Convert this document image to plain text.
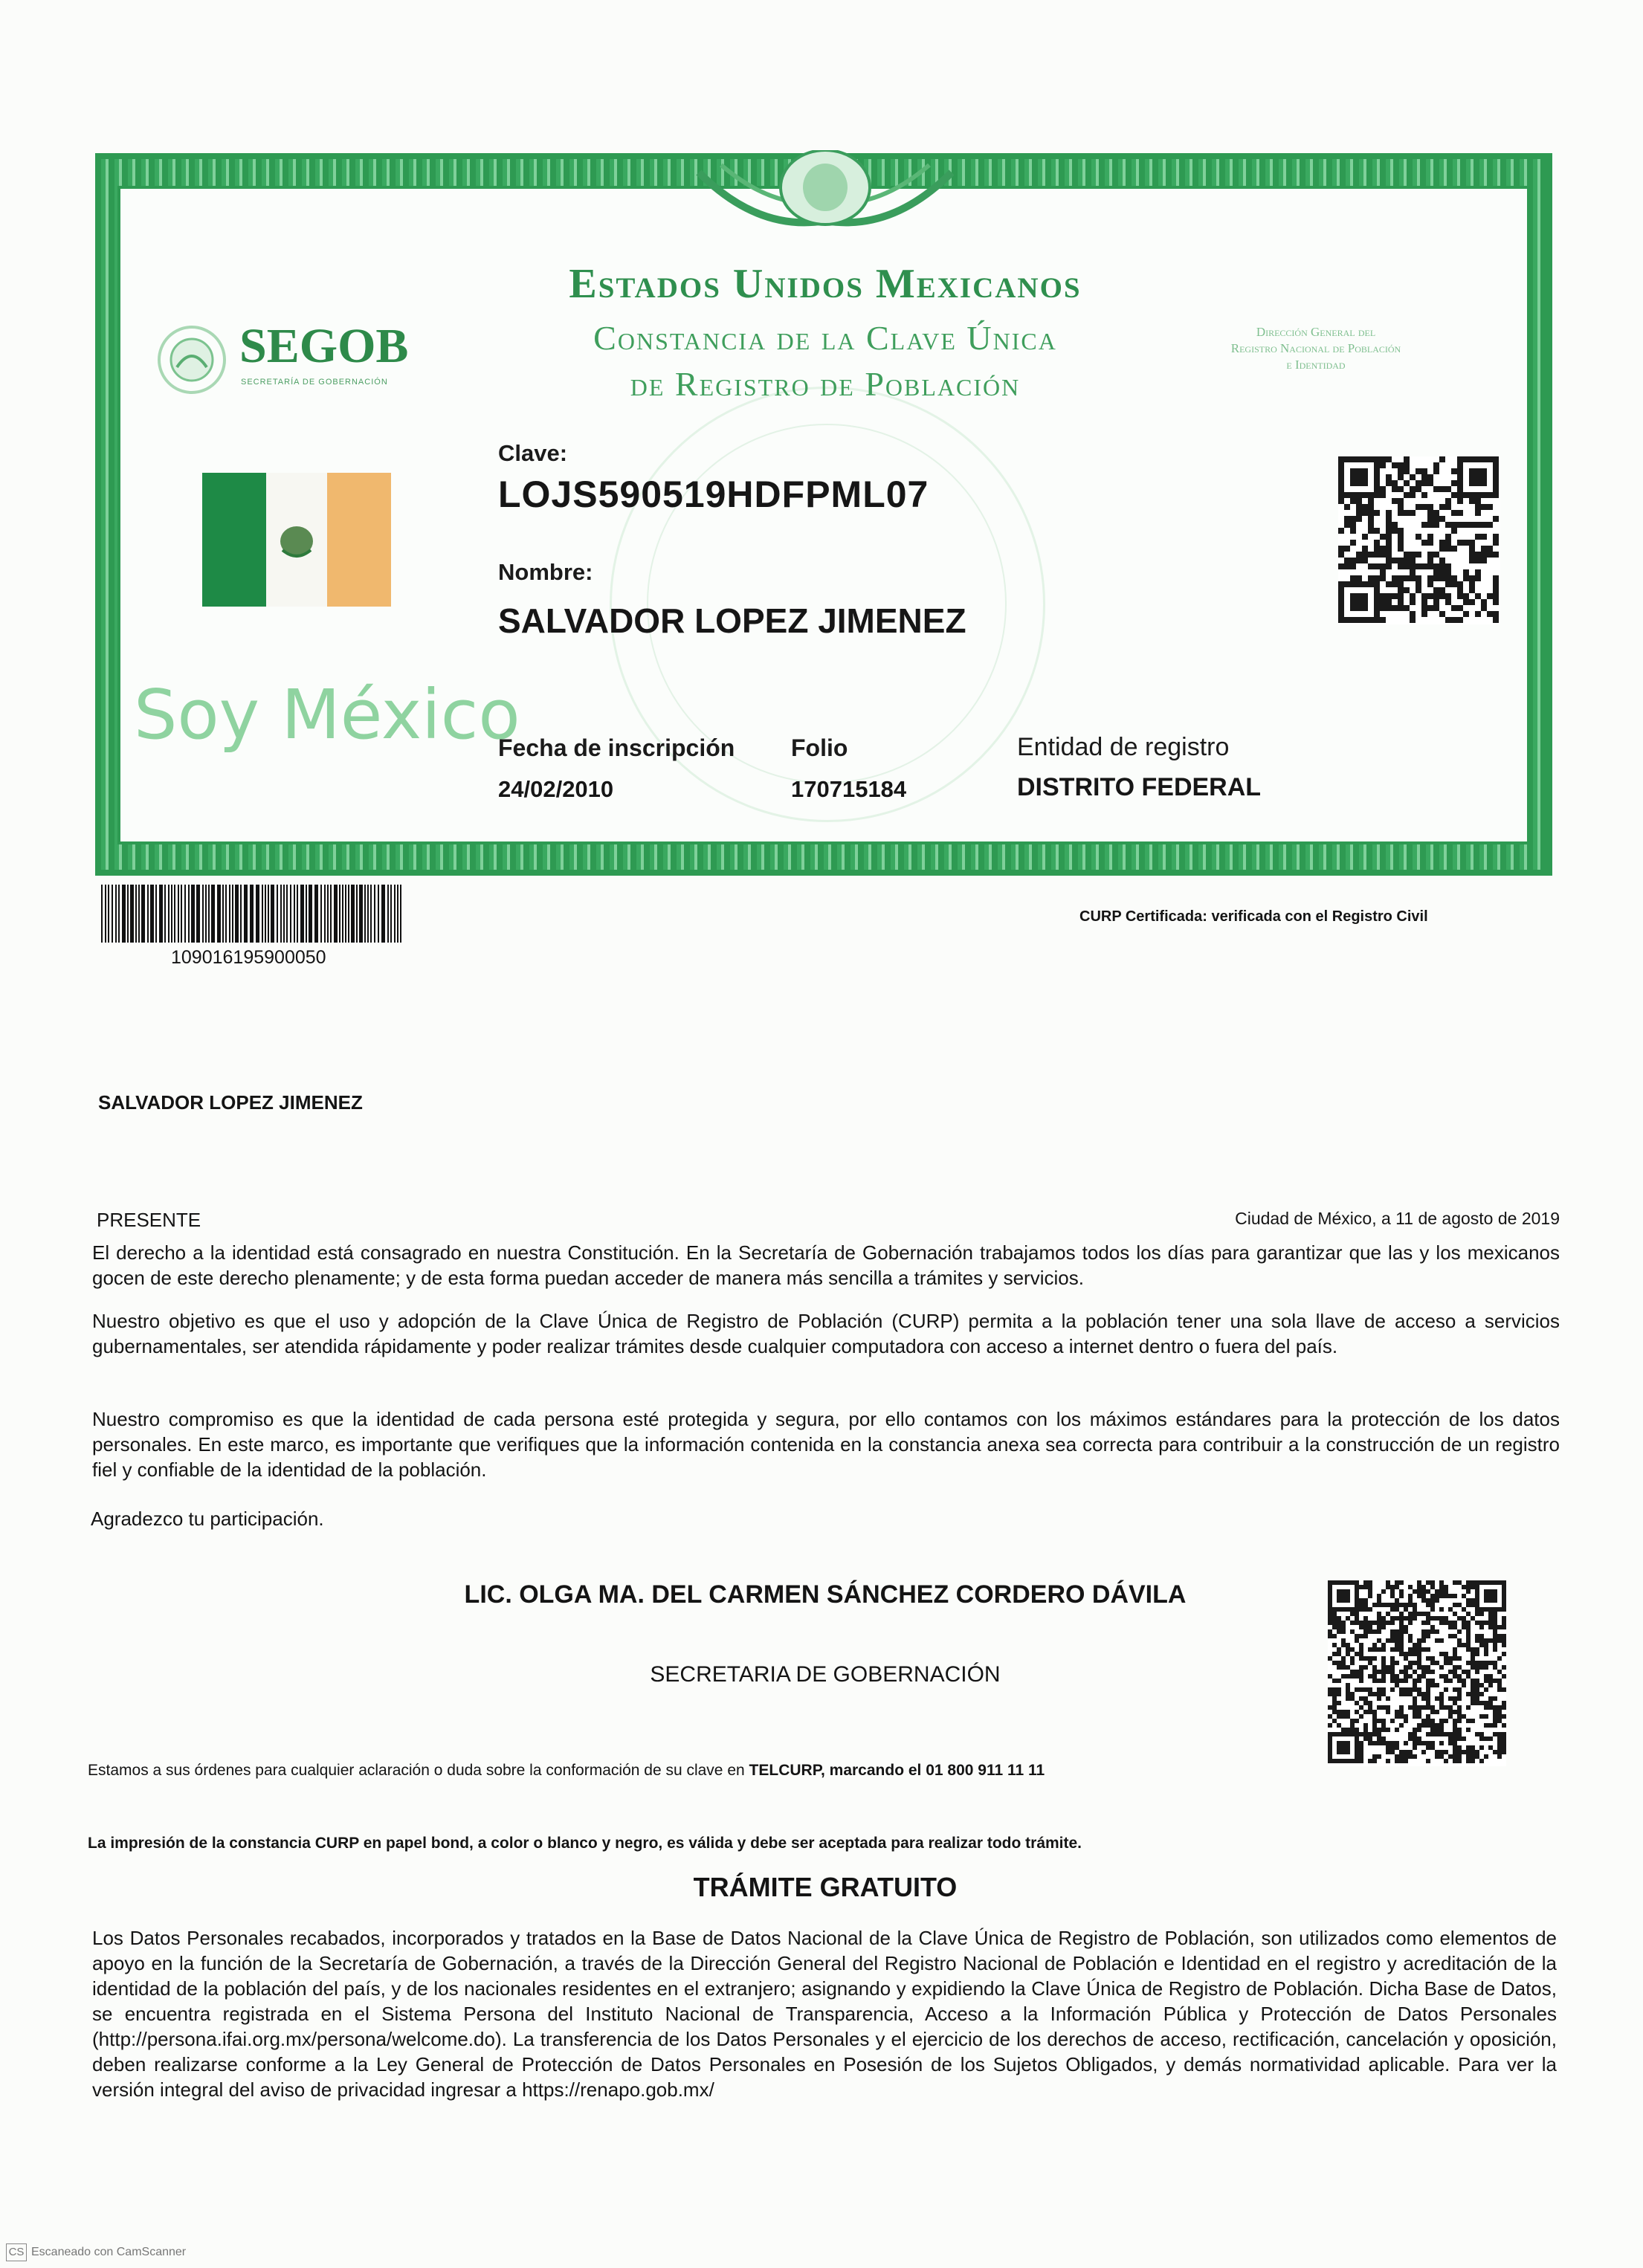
Estados Unidos Mexicanos
Constancia de la Clave Única
de Registro de Población
Dirección General del
Registro Nacional de Población
e Identidad
SEGOB
SECRETARÍA DE GOBERNACIÓN
Soy México
Clave:
LOJS590519HDFPML07
Nombre:
SALVADOR LOPEZ JIMENEZ
Fecha de inscripción
24/02/2010
Folio
170715184
Entidad de registro
DISTRITO FEDERAL
109016195900050
CURP Certificada: verificada con el Registro Civil
SALVADOR LOPEZ JIMENEZ
PRESENTE	Ciudad de México, a 11 de agosto de 2019
El derecho a la identidad está consagrado en nuestra Constitución. En la Secretaría de Gobernación trabajamos todos los días para garantizar que las y los mexicanos gocen de este derecho plenamente; y de esta forma puedan acceder de manera más sencilla a trámites y servicios.
Nuestro objetivo es que el uso y adopción de la Clave Única de Registro de Población (CURP) permita a la población tener una sola llave de acceso a servicios gubernamentales, ser atendida rápidamente y poder realizar trámites desde cualquier computadora con acceso a internet dentro o fuera del país.
Nuestro compromiso es que la identidad de cada persona esté protegida y segura, por ello contamos con los máximos estándares para la protección de los datos personales. En este marco, es importante que verifiques que la información contenida en la constancia anexa sea correcta para contribuir a la construcción de un registro fiel y confiable de la identidad de la población.
Agradezco tu participación.
LIC. OLGA MA. DEL CARMEN SÁNCHEZ CORDERO DÁVILA
SECRETARIA DE GOBERNACIÓN
Estamos a sus órdenes para cualquier aclaración o duda sobre la conformación de su clave en TELCURP, marcando el 01 800 911 11 11
La impresión de la constancia CURP en papel bond, a color o blanco y negro, es válida y debe ser aceptada para realizar todo trámite.
TRÁMITE GRATUITO
Los Datos Personales recabados, incorporados y tratados en la Base de Datos Nacional de la Clave Única de Registro de Población, son utilizados como elementos de apoyo en la función de la Secretaría de Gobernación, a través de la Dirección General del Registro Nacional de Población e Identidad en el registro y acreditación de la identidad de la población del país, y de los nacionales residentes en el extranjero; asignando y expidiendo la Clave Única de Registro de Población. Dicha Base de Datos, se encuentra registrada en el Sistema Persona del Instituto Nacional de Transparencia, Acceso a la Información Pública y Protección de Datos Personales (http://persona.ifai.org.mx/persona/welcome.do). La transferencia de los Datos Personales y el ejercicio de los derechos de acceso, rectificación, cancelación y oposición, deben realizarse conforme a la Ley General de Protección de Datos Personales en Posesión de los Sujetos Obligados, y demás normatividad aplicable. Para ver la versión integral del aviso de privacidad ingresar a https://renapo.gob.mx/
CS Escaneado con CamScanner
